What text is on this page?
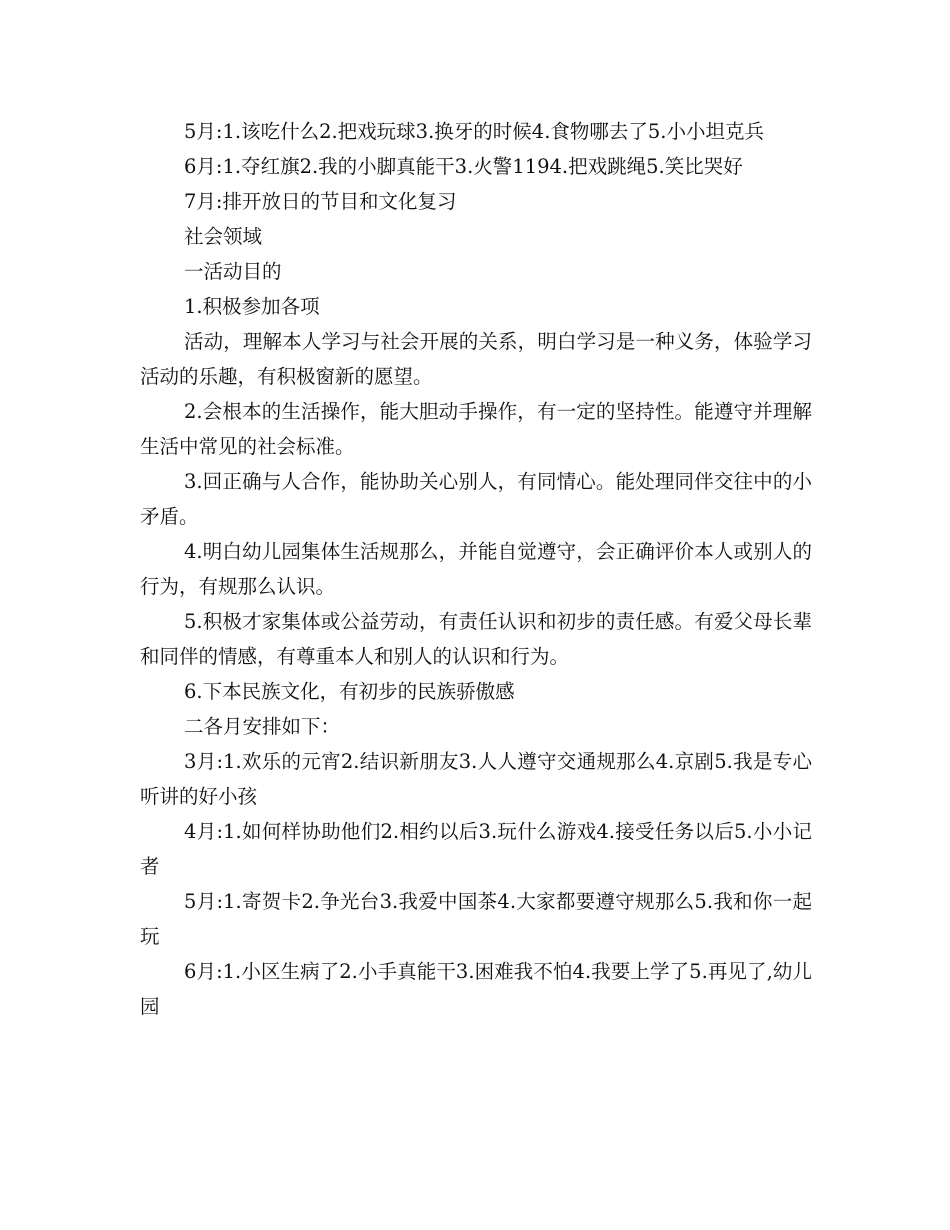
5月:1.该吃什么2.把戏玩球3.换牙的时候4.食物哪去了5.小小坦克兵

6月:1.夺红旗2.我的小脚真能干3.火警1194.把戏跳绳5.笑比哭好

7月:排开放日的节目和文化复习

社会领域

一活动目的

1.积极参加各项

活动，理解本人学习与社会开展的关系，明白学习是一种义务，体验学习活动的乐趣，有积极窗新的愿望。

2.会根本的生活操作，能大胆动手操作，有一定的坚持性。能遵守并理解生活中常见的社会标准。

3.回正确与人合作，能协助关心别人，有同情心。能处理同伴交往中的小矛盾。

4.明白幼儿园集体生活规那么，并能自觉遵守，会正确评价本人或别人的行为，有规那么认识。

5.积极才家集体或公益劳动，有责任认识和初步的责任感。有爱父母长辈和同伴的情感，有尊重本人和别人的认识和行为。

6.下本民族文化，有初步的民族骄傲感

二各月安排如下：

3月:1.欢乐的元宵2.结识新朋友3.人人遵守交通规那么4.京剧5.我是专心听讲的好小孩

4月:1.如何样协助他们2.相约以后3.玩什么游戏4.接受任务以后5.小小记者

5月:1.寄贺卡2.争光台3.我爱中国茶4.大家都要遵守规那么5.我和你一起玩

6月:1.小区生病了2.小手真能干3.困难我不怕4.我要上学了5.再见了,幼儿园
